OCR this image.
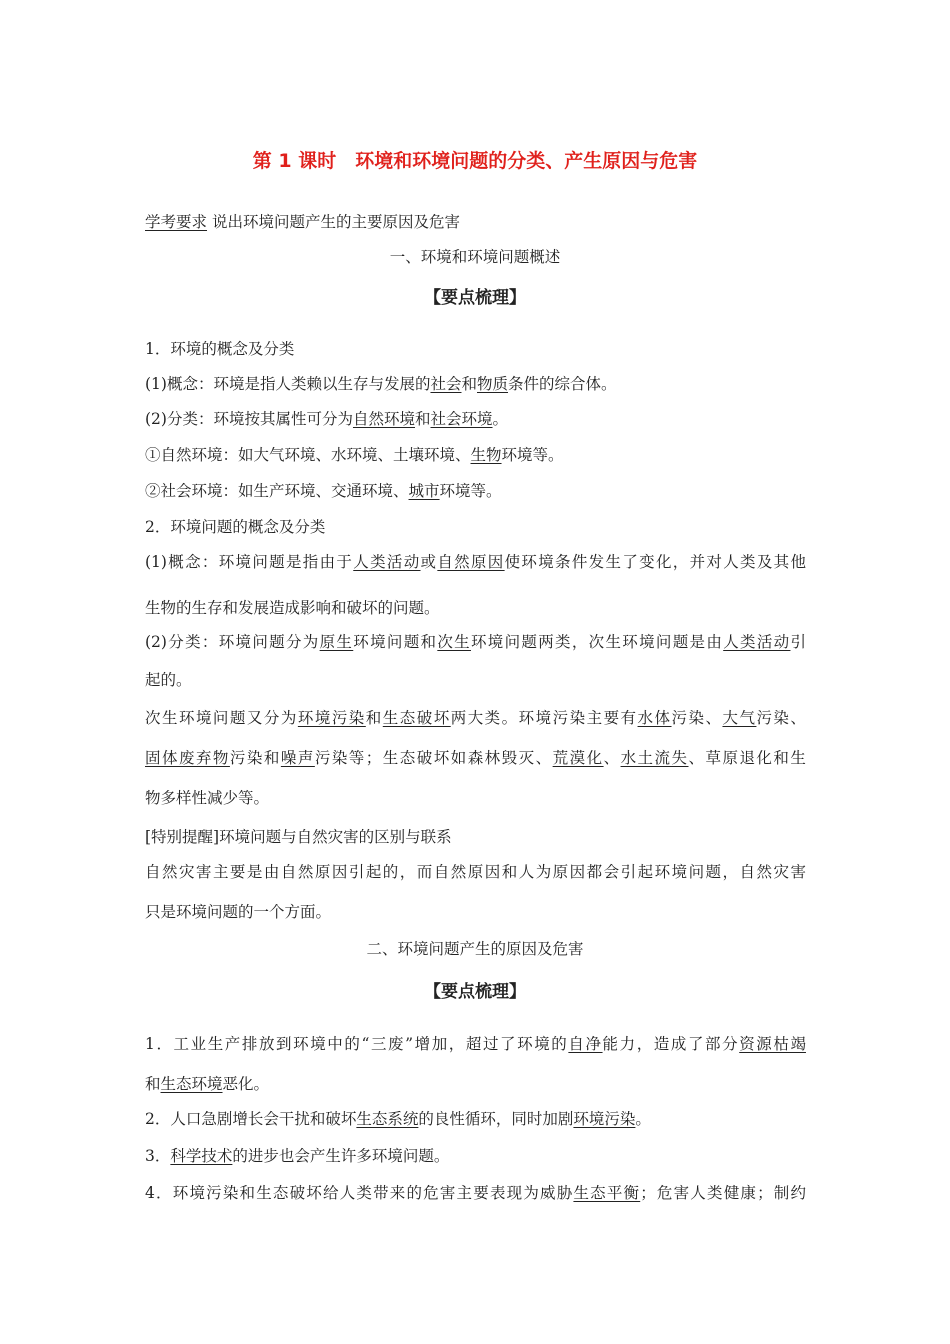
第 1 课时　环境和环境问题的分类、产生原因与危害
学考要求 说出环境问题产生的主要原因及危害
一、环境和环境问题概述
【要点梳理】
1．环境的概念及分类
(1)概念：环境是指人类赖以生存与发展的社会和物质条件的综合体。
(2)分类：环境按其属性可分为自然环境和社会环境。
①自然环境：如大气环境、水环境、土壤环境、生物环境等。
②社会环境：如生产环境、交通环境、城市环境等。
2．环境问题的概念及分类
(1)概念：环境问题是指由于人类活动或自然原因使环境条件发生了变化，并对人类及其他
生物的生存和发展造成影响和破坏的问题。
(2)分类：环境问题分为原生环境问题和次生环境问题两类，次生环境问题是由人类活动引
起的。
次生环境问题又分为环境污染和生态破坏两大类。环境污染主要有水体污染、大气污染、
固体废弃物污染和噪声污染等；生态破坏如森林毁灭、荒漠化、水土流失、草原退化和生
物多样性减少等。
[特别提醒]环境问题与自然灾害的区别与联系
自然灾害主要是由自然原因引起的，而自然原因和人为原因都会引起环境问题，自然灾害
只是环境问题的一个方面。
二、环境问题产生的原因及危害
【要点梳理】
1．工业生产排放到环境中的“三废”增加，超过了环境的自净能力，造成了部分资源枯竭
和生态环境恶化。
2．人口急剧增长会干扰和破坏生态系统的良性循环，同时加剧环境污染。
3．科学技术的进步也会产生许多环境问题。
4．环境污染和生态破坏给人类带来的危害主要表现为威胁生态平衡；危害人类健康；制约
